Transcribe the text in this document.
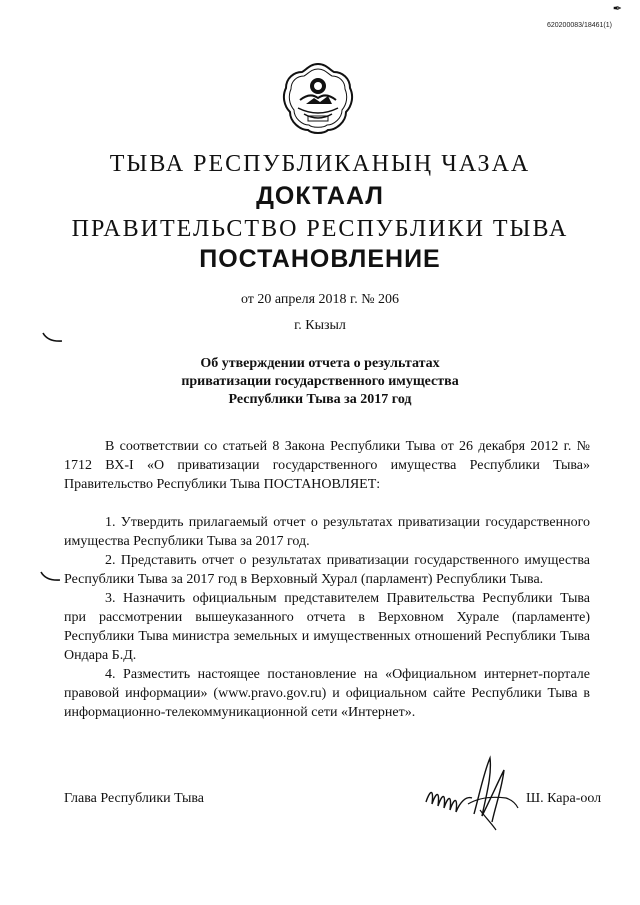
✒
620200083/18461(1)
ТЫВА РЕСПУБЛИКАНЫҢ ЧАЗАА
ДОКТААЛ
ПРАВИТЕЛЬСТВО РЕСПУБЛИКИ ТЫВА
ПОСТАНОВЛЕНИЕ
от 20 апреля 2018 г. № 206
г. Кызыл
Об утверждении отчета о результатах
приватизации государственного имущества
Республики Тыва за 2017 год

В соответствии со статьей 8 Закона Республики Тыва от 26 декабря 2012 г. № 1712 ВХ-I «О приватизации государственного имущества Республики Тыва» Правительство Республики Тыва ПОСТАНОВЛЯЕТ:

1. Утвердить прилагаемый отчет о результатах приватизации государственного имущества Республики Тыва за 2017 год.

2. Представить отчет о результатах приватизации государственного имущества Республики Тыва за 2017 год в Верховный Хурал (парламент) Республики Тыва.

3. Назначить официальным представителем Правительства Республики Тыва при рассмотрении вышеуказанного отчета в Верховном Хурале (парламенте) Республики Тыва министра земельных и имущественных отношений Республики Тыва Ондара Б.Д.

4. Разместить настоящее постановление на «Официальном интернет-портале правовой информации» (www.pravo.gov.ru) и официальном сайте Республики Тыва в информационно-телекоммуникационной сети «Интернет».

Глава Республики Тыва	Ш. Кара-оол
